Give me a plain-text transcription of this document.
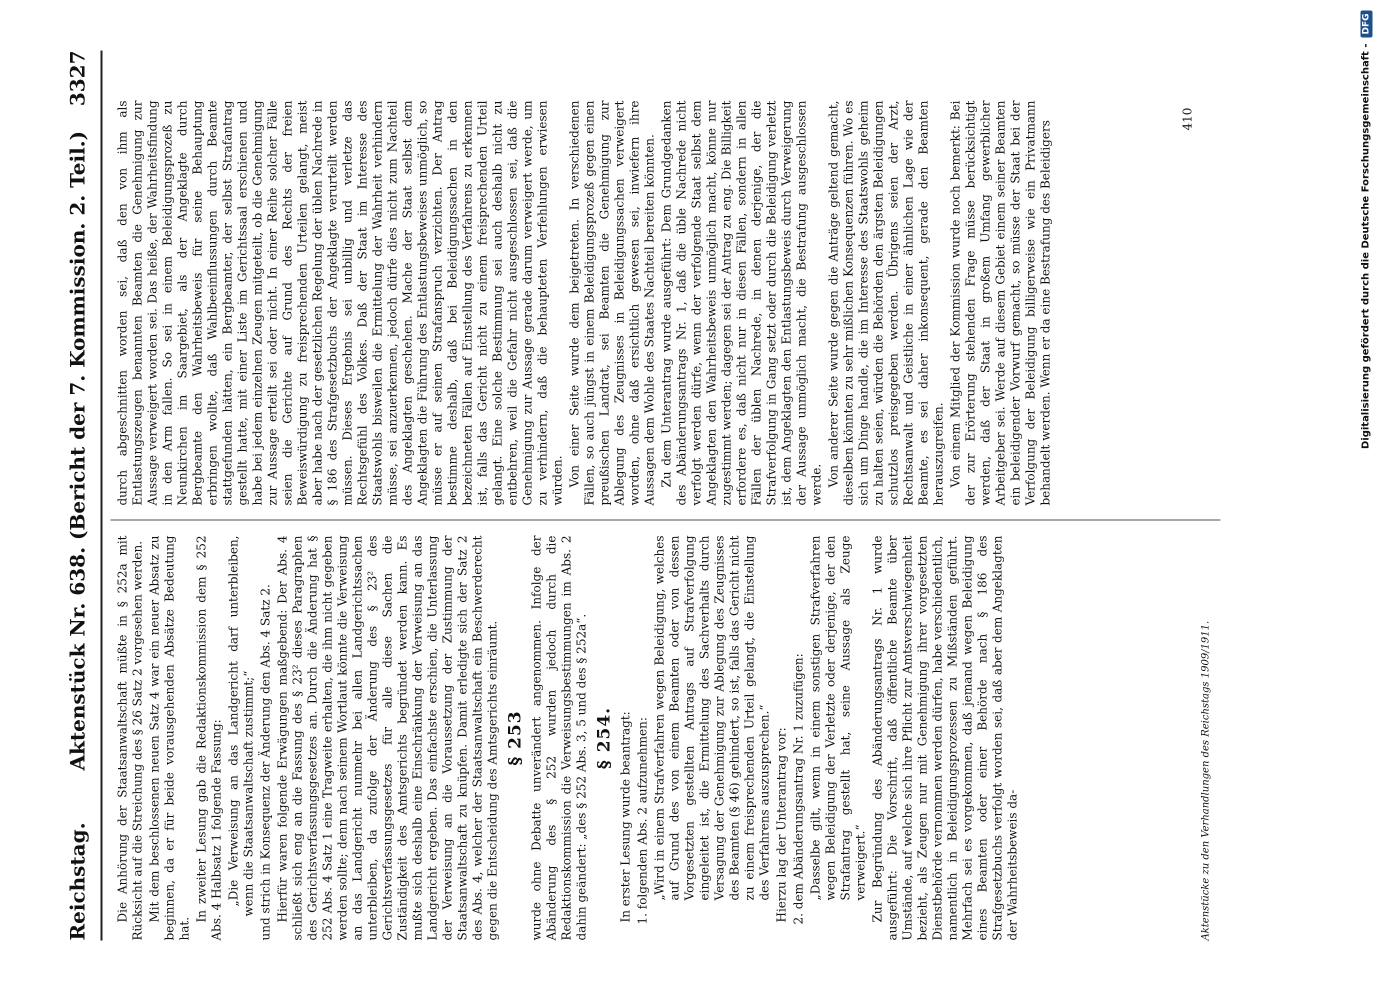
Reichstag.
Aktenstück Nr. 638. (Bericht der 7. Kommission. 2. Teil.)
3327

Die Anhörung der Staatsanwaltschaft müßte in § 252a mit Rücksicht auf die Streichung des § 26 Satz 2 vorgesehen werden. Mit dem beschlossenen neuen Satz 4 war ein neuer Absatz zu beginnen, da er für beide vorausgehenden Absätze Bedeutung hat.

In zweiter Lesung gab die Redaktionskommission dem § 252 Abs. 4 Halbsatz 1 folgende Fassung: „Die Verweisung an das Landgericht darf unterbleiben, wenn die Staatsanwaltschaft zustimmt;“ und strich in Konsequenz der Änderung den Abs. 4 Satz 2. Hierfür waren folgende Erwägungen maßgebend: Der Abs. 4 schließt sich eng an die Fassung des § 23² dieses Paragraphen des Gerichtsverfassungsgesetzes an. Durch die Änderung hat § 252 Abs. 4 Satz 1 eine Tragweite erhalten, die ihm nicht gegeben werden sollte; denn nach seinem Wortlaut könnte die Verweisung an das Landgericht nunmehr bei allen Landgerichtssachen unterbleiben, da zufolge der Änderung des § 23² des Gerichtsverfassungsgesetzes für alle diese Sachen die Zuständigkeit des Amtsgerichts begründet werden kann. Es mußte sich deshalb eine Einschränkung der Verweisung an das Landgericht ergeben. Das einfachste erschien, die Unterlassung der Verweisung an die Voraussetzung der Zustimmung der Staatsanwaltschaft zu knüpfen. Damit erledigte sich der Satz 2 des Abs. 4, welcher der Staatsanwaltschaft ein Beschwerderecht gegen die Entscheidung des Amtsgerichts einräumt. § 253 wurde ohne Debatte unverändert angenommen. Infolge der Abänderung des § 252 wurden jedoch durch die Redaktionskommission die Verweisungsbestimmungen im Abs. 2 dahin geändert: „des § 252 Abs. 3, 5 und des § 252a“. § 254. In erster Lesung wurde beantragt: 1. folgenden Abs. 2 aufzunehmen: „Wird in einem Strafverfahren wegen Beleidigung, welches auf Grund des von einem Beamten oder von dessen Vorgesetzten gestellten Antrags auf Strafverfolgung eingeleitet ist, die Ermittelung des Sachverhalts durch Versagung der Genehmigung zur Ablegung des Zeugnisses des Beamten (§ 46) gehindert, so ist, falls das Gericht nicht zu einem freisprechenden Urteil gelangt, die Einstellung des Verfahrens auszusprechen.“ Hierzu lag der Unterantrag vor: 2. dem Abänderungsantrag Nr. 1 zuzufügen: „Dasselbe gilt, wenn in einem sonstigen Strafverfahren wegen Beleidigung der Verletzte oder derjenige, der den Strafantrag gestellt hat, seine Aussage als Zeuge verweigert.“ Zur Begründung des Abänderungsantrags Nr. 1 wurde ausgeführt: Die Vorschrift, daß öffentliche Beamte über Umstände, auf welche sich ihre Pflicht zur Amtsverschwiegenheit bezieht, als Zeugen nur mit Genehmigung ihrer vorgesetzten Dienstbehörde vernommen werden dürfen, habe verschiedentlich, namentlich in Beleidigungsprozessen zu Mißständen geführt. Mehrfach sei es vorgekommen, daß jemand wegen Beleidigung eines Beamten oder einer Behörde nach § 186 des Strafgesetzbuchs verfolgt worden sei, daß aber dem Angeklagten der Wahrheitsbeweis da-

durch abgeschnitten worden sei, daß den von ihm als Entlastungszeugen benannten Beamten die Genehmigung zur Aussage verweigert worden sei. Das heiße, der Wahrheitsfindung in den Arm fallen. So sei in einem Beleidigungsprozeß zu Neunkirchen im Saargebiet, als der Angeklagte durch Bergbeamte den Wahrheitsbeweis für seine Behauptung erbringen wollte, daß Wahlbeeinflussungen durch Beamte stattgefunden hätten, ein Bergbeamter, der selbst Strafantrag gestellt hatte, mit einer Liste im Gerichtssaal erschienen und habe bei jedem einzelnen Zeugen mitgeteilt, ob die Genehmigung zur Aussage erteilt sei oder nicht. In einer Reihe solcher Fälle seien die Gerichte auf Grund des Rechts der freien Beweiswürdigung zu freisprechenden Urteilen gelangt, meist aber habe nach der gesetzlichen Regelung der üblen Nachrede in § 186 des Strafgesetzbuchs der Angeklagte verurteilt werden müssen. Dieses Ergebnis sei unbillig und verletze das Rechtsgefühl des Volkes. Daß der Staat im Interesse des Staatswohls bisweilen die Ermittelung der Wahrheit verhindern müsse, sei anzuerkennen, jedoch dürfe dies nicht zum Nachteil des Angeklagten geschehen. Mache der Staat selbst dem Angeklagten die Führung des Entlastungsbeweises unmöglich, so müsse er auf seinen Strafanspruch verzichten. Der Antrag bestimme deshalb, daß bei Beleidigungssachen in den bezeichneten Fällen auf Einstellung des Verfahrens zu erkennen ist, falls das Gericht nicht zu einem freisprechenden Urteil gelangt. Eine solche Bestimmung sei auch deshalb nicht zu entbehren, weil die Gefahr nicht ausgeschlossen sei, daß die Genehmigung zur Aussage gerade darum verweigert werde, um zu verhindern, daß die behaupteten Verfehlungen erwiesen würden. Von einer Seite wurde dem beigetreten. In verschiedenen Fällen, so auch jüngst in einem Beleidigungsprozeß gegen einen preußischen Landrat, sei Beamten die Genehmigung zur Ablegung des Zeugnisses in Beleidigungssachen verweigert worden, ohne daß ersichtlich gewesen sei, inwiefern ihre Aussagen dem Wohle des Staates Nachteil bereiten könnten. Zu dem Unterantrag wurde ausgeführt: Dem Grundgedanken des Abänderungsantrags Nr. 1, daß die üble Nachrede nicht verfolgt werden dürfe, wenn der verfolgende Staat selbst dem Angeklagten den Wahrheitsbeweis unmöglich macht, könne nur zugestimmt werden; dagegen sei der Antrag zu eng. Die Billigkeit erfordere es, daß nicht nur in diesen Fällen, sondern in allen Fällen der üblen Nachrede, in denen derjenige, der die Strafverfolgung in Gang setzt oder durch die Beleidigung verletzt ist, dem Angeklagten den Entlastungsbeweis durch Verweigerung der Aussage unmöglich macht, die Bestrafung ausgeschlossen werde. Von anderer Seite wurde gegen die Anträge geltend gemacht, dieselben könnten zu sehr mißlichen Konsequenzen führen. Wo es sich um Dinge handle, die im Interesse des Staatswohls geheim zu halten seien, würden die Behörden den ärgsten Beleidigungen schutzlos preisgegeben werden. Übrigens seien der Arzt, Rechtsanwalt und Geistliche in einer ähnlichen Lage wie der Beamte, es sei daher inkonsequent, gerade den Beamten herauszugreifen. Von einem Mitglied der Kommission wurde noch bemerkt: Bei der zur Erörterung stehenden Frage müsse berücksichtigt werden, daß der Staat in großem Umfang gewerblicher Arbeitgeber sei. Werde auf diesem Gebiet einem seiner Beamten ein beleidigender Vorwurf gemacht, so müsse der Staat bei der Verfolgung der Beleidigung billigerweise wie ein Privatmann behandelt werden. Wenn er da eine Bestrafung des Beleidigers

Aktenstücke zu den Verhandlungen des Reichstags 1909/1911.
410	Digitalisierung gefördert durch die Deutsche Forschungsgemeinschaft -DFG
